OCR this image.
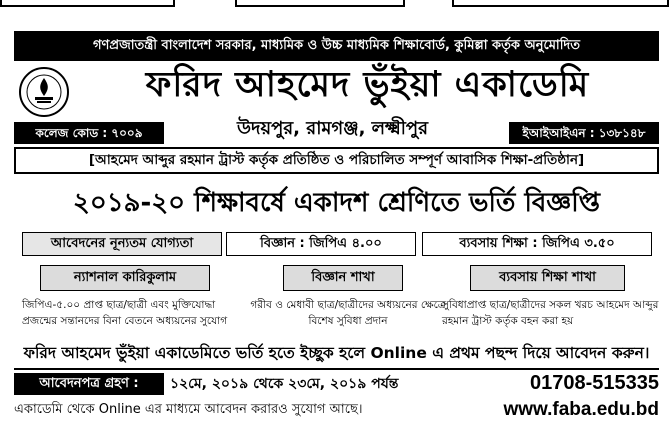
গণপ্রজাতন্ত্রী বাংলাদেশ সরকার, মাধ্যমিক ও উচ্চ মাধ্যমিক শিক্ষাবোর্ড, কুমিল্লা কর্তৃক অনুমোদিত
ফরিদ আহমেদ ভুঁইয়া একাডেমি
কলেজ কোড : ৭০০৯	উদয়পুর, রামগঞ্জ, লক্ষ্মীপুর	ইআইআইএন : ১৩৮১৪৮
[আহমেদ আব্দুর রহমান ট্রাস্ট কর্তৃক প্রতিষ্ঠিত ও পরিচালিত সম্পূর্ণ আবাসিক শিক্ষা-প্রতিষ্ঠান]
২০১৯-২০ শিক্ষাবর্ষে একাদশ শ্রেণিতে ভর্তি বিজ্ঞপ্তি
আবেদনের নূন্যতম যোগ্যতা	বিজ্ঞান : জিপিএ ৪.০০	ব্যবসায় শিক্ষা : জিপিএ ৩.৫০
ন্যাশনাল কারিকুলাম	বিজ্ঞান শাখা	ব্যবসায় শিক্ষা শাখা
জিপিএ-৫.০০ প্রাপ্ত ছাত্র/ছাত্রী এবং মুক্তিযোদ্ধা প্রজন্মের সন্তানদের বিনা বেতনে অধ্যয়নের সুযোগ
গরীব ও মেধাবী ছাত্র/ছাত্রীদের অধ্যয়নের ক্ষেত্রে বিশেষ সুবিধা প্রদান
সুবিধাপ্রাপ্ত ছাত্র/ছাত্রীদের সকল খরচ আহমেদ আব্দুর রহমান ট্রাস্ট কর্তৃক বহন করা হয়
ফরিদ আহমেদ ভুঁইয়া একাডেমিতে ভর্তি হতে ইচ্ছুক হলে Online এ প্রথম পছন্দ দিয়ে আবেদন করুন।
আবেদনপত্র গ্রহণ :	১২মে, ২০১৯ থেকে ২৩মে, ২০১৯ পর্যন্ত
একাডেমি থেকে Online এর মাধ্যমে আবেদন করারও সুযোগ আছে।
01708-515335
www.faba.edu.bd
